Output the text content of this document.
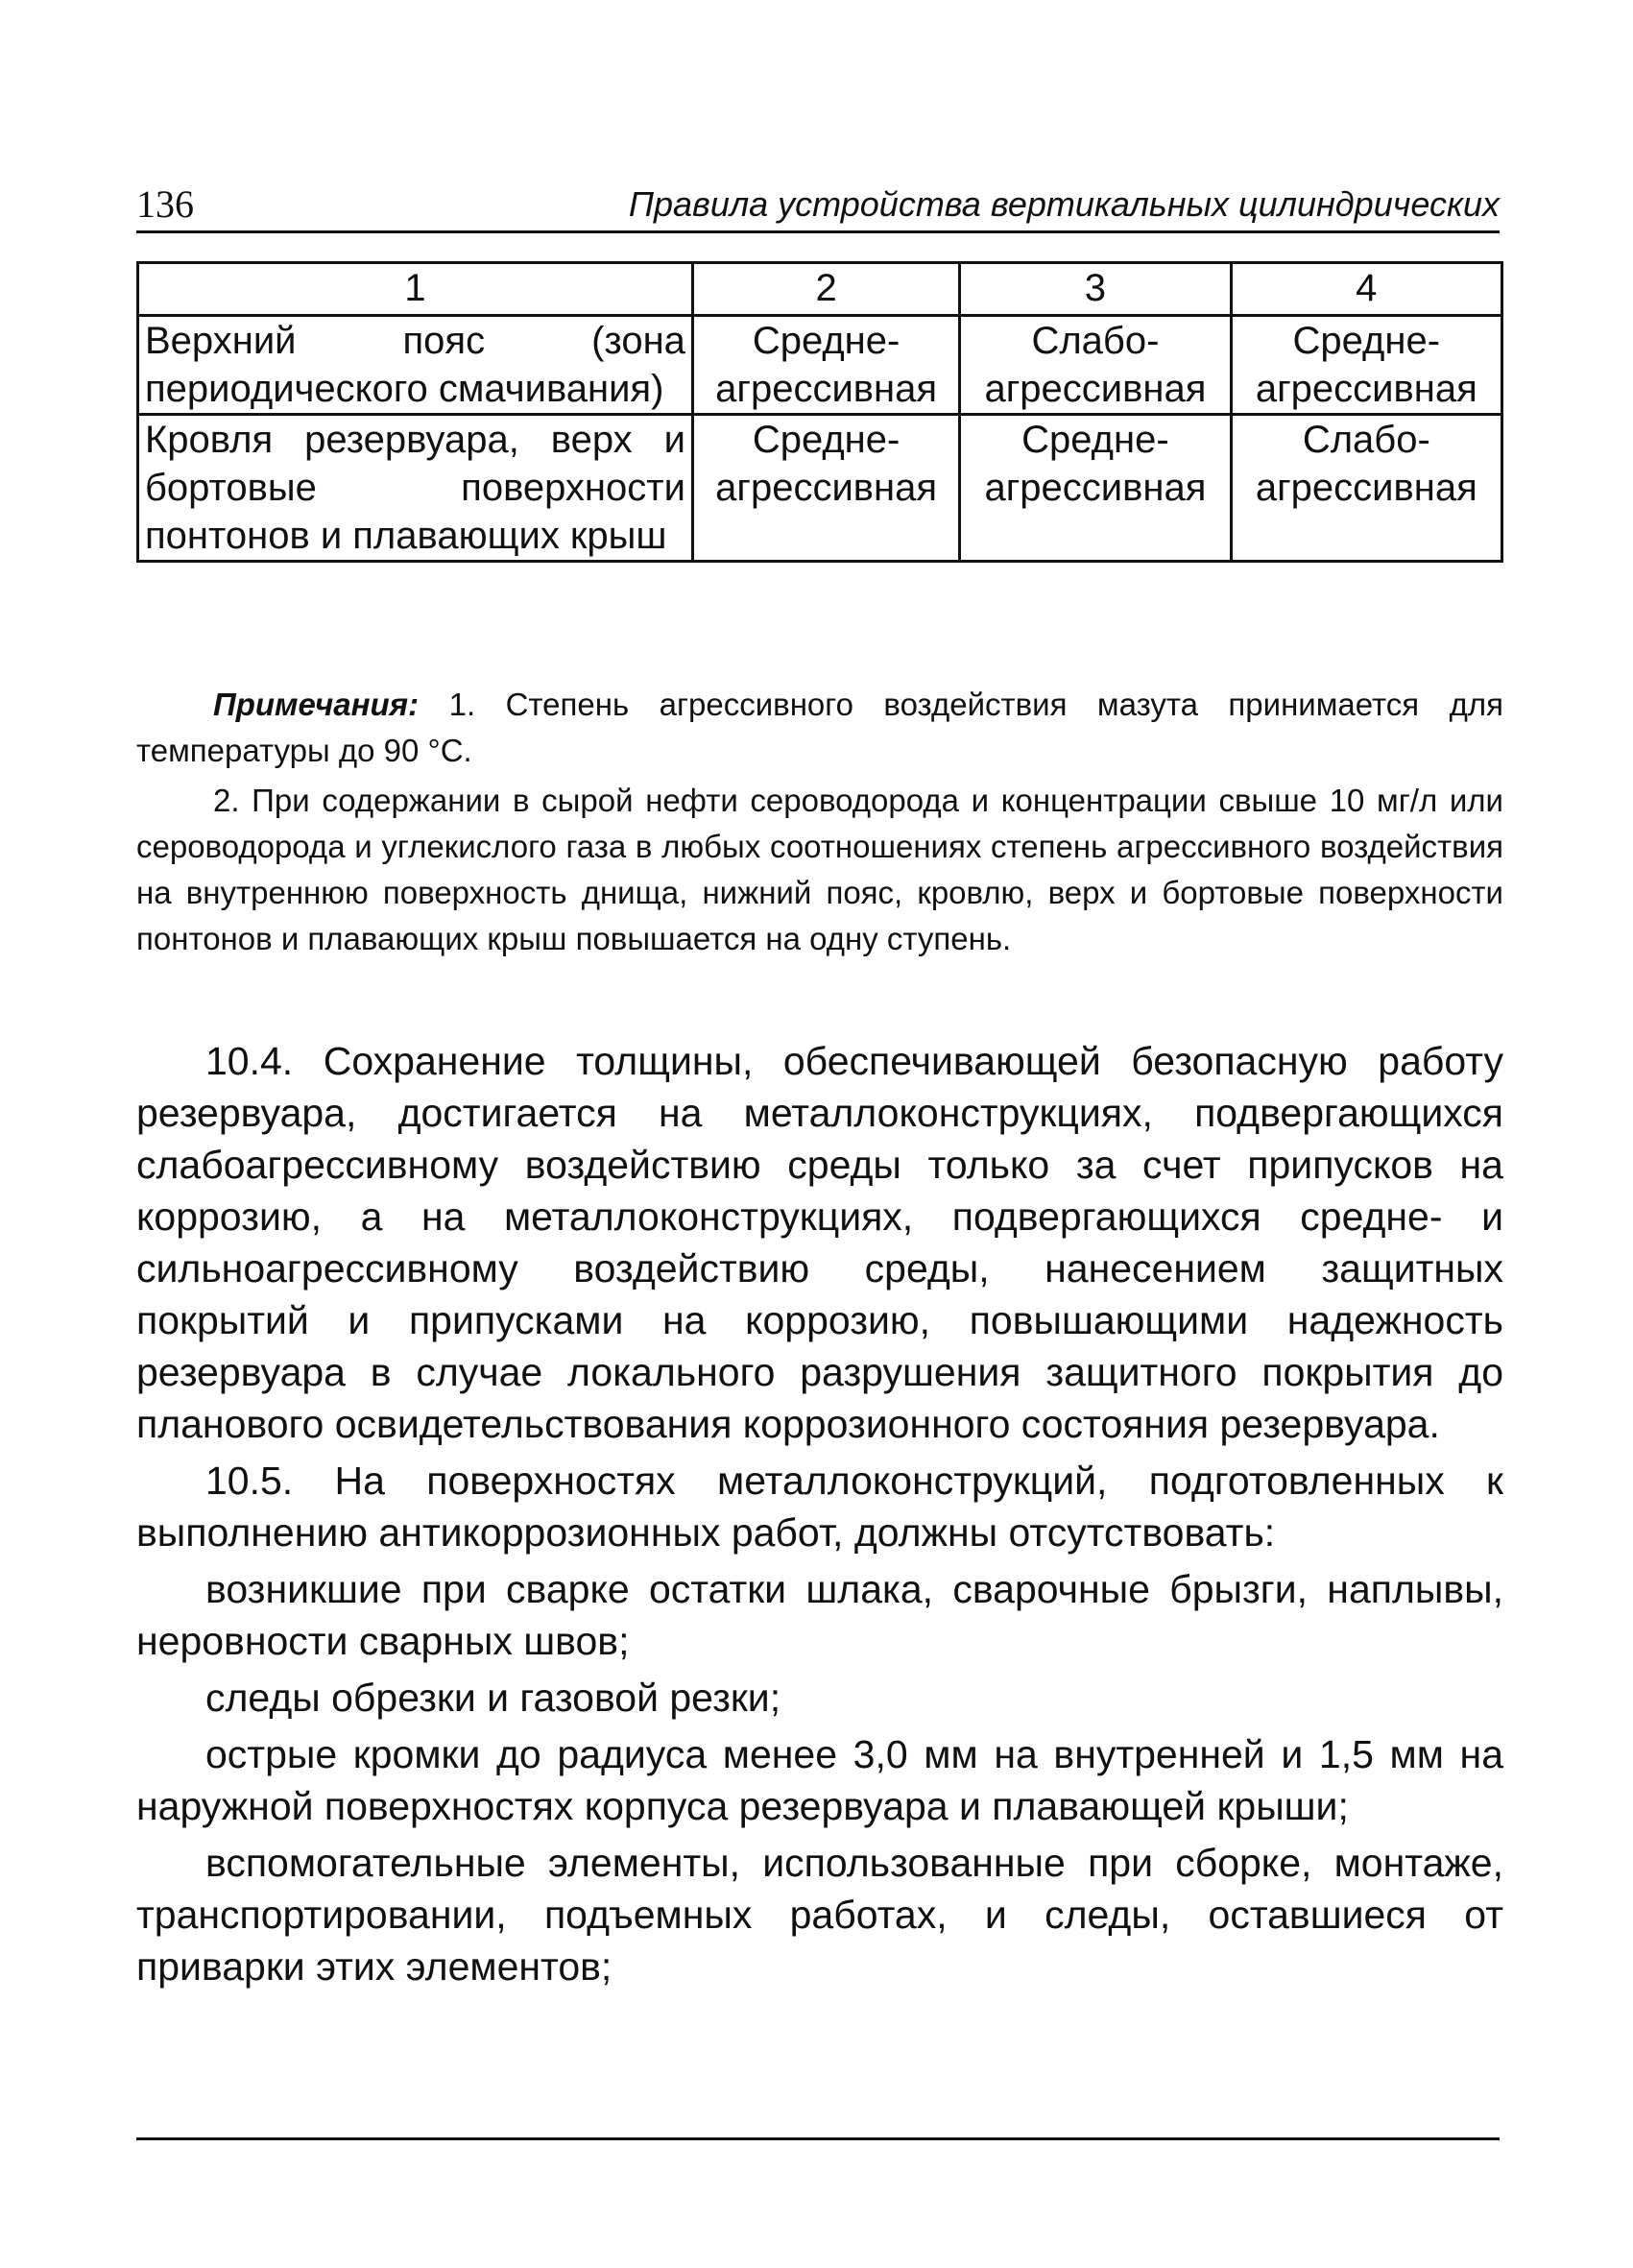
136	Правила устройства вертикальных цилиндрических
1	2	3	4
Верхний пояс (зона периодического смачивания)	Средне-агрессивная	Слабо-агрессивная	Средне-агрессивная
Кровля резервуара, верх и бортовые поверхности понтонов и плавающих крыш	Средне-агрессивная	Средне-агрессивная	Слабо-агрессивная

Примечания: 1. Степень агрессивного воздействия мазута принимается для температуры до 90 °С.

2. При содержании в сырой нефти сероводорода и концентрации свыше 10 мг/л или сероводорода и углекислого газа в любых соотношениях степень агрессивного воздействия на внутреннюю поверхность днища, нижний пояс, кровлю, верх и бортовые поверхности понтонов и плавающих крыш повышается на одну ступень.

10.4. Сохранение толщины, обеспечивающей безопасную работу резервуара, достигается на металлоконструкциях, подвергающихся слабоагрессивному воздействию среды только за счет припусков на коррозию, а на металлоконструкциях, подвергающихся средне- и сильноагрессивному воздействию среды, нанесением защитных покрытий и припусками на коррозию, повышающими надежность резервуара в случае локального разрушения защитного покрытия до планового освидетельствования коррозионного состояния резервуара.

10.5. На поверхностях металлоконструкций, подготовленных к выполнению антикоррозионных работ, должны отсутствовать:

возникшие при сварке остатки шлака, сварочные брызги, наплывы, неровности сварных швов;

следы обрезки и газовой резки;

острые кромки до радиуса менее 3,0 мм на внутренней и 1,5 мм на наружной поверхностях корпуса резервуара и плавающей крыши;

вспомогательные элементы, использованные при сборке, монтаже, транспортировании, подъемных работах, и следы, оставшиеся от приварки этих элементов;
